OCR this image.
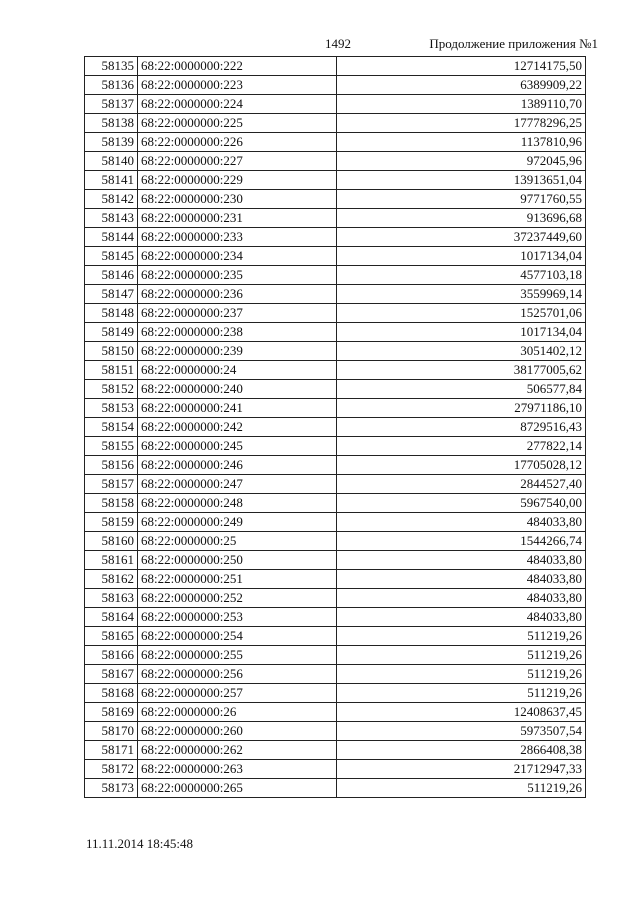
1492	Продолжение приложения №1
58135	68:22:0000000:222	12714175,50
58136	68:22:0000000:223	6389909,22
58137	68:22:0000000:224	1389110,70
58138	68:22:0000000:225	17778296,25
58139	68:22:0000000:226	1137810,96
58140	68:22:0000000:227	972045,96
58141	68:22:0000000:229	13913651,04
58142	68:22:0000000:230	9771760,55
58143	68:22:0000000:231	913696,68
58144	68:22:0000000:233	37237449,60
58145	68:22:0000000:234	1017134,04
58146	68:22:0000000:235	4577103,18
58147	68:22:0000000:236	3559969,14
58148	68:22:0000000:237	1525701,06
58149	68:22:0000000:238	1017134,04
58150	68:22:0000000:239	3051402,12
58151	68:22:0000000:24	38177005,62
58152	68:22:0000000:240	506577,84
58153	68:22:0000000:241	27971186,10
58154	68:22:0000000:242	8729516,43
58155	68:22:0000000:245	277822,14
58156	68:22:0000000:246	17705028,12
58157	68:22:0000000:247	2844527,40
58158	68:22:0000000:248	5967540,00
58159	68:22:0000000:249	484033,80
58160	68:22:0000000:25	1544266,74
58161	68:22:0000000:250	484033,80
58162	68:22:0000000:251	484033,80
58163	68:22:0000000:252	484033,80
58164	68:22:0000000:253	484033,80
58165	68:22:0000000:254	511219,26
58166	68:22:0000000:255	511219,26
58167	68:22:0000000:256	511219,26
58168	68:22:0000000:257	511219,26
58169	68:22:0000000:26	12408637,45
58170	68:22:0000000:260	5973507,54
58171	68:22:0000000:262	2866408,38
58172	68:22:0000000:263	21712947,33
58173	68:22:0000000:265	511219,26
11.11.2014 18:45:48
